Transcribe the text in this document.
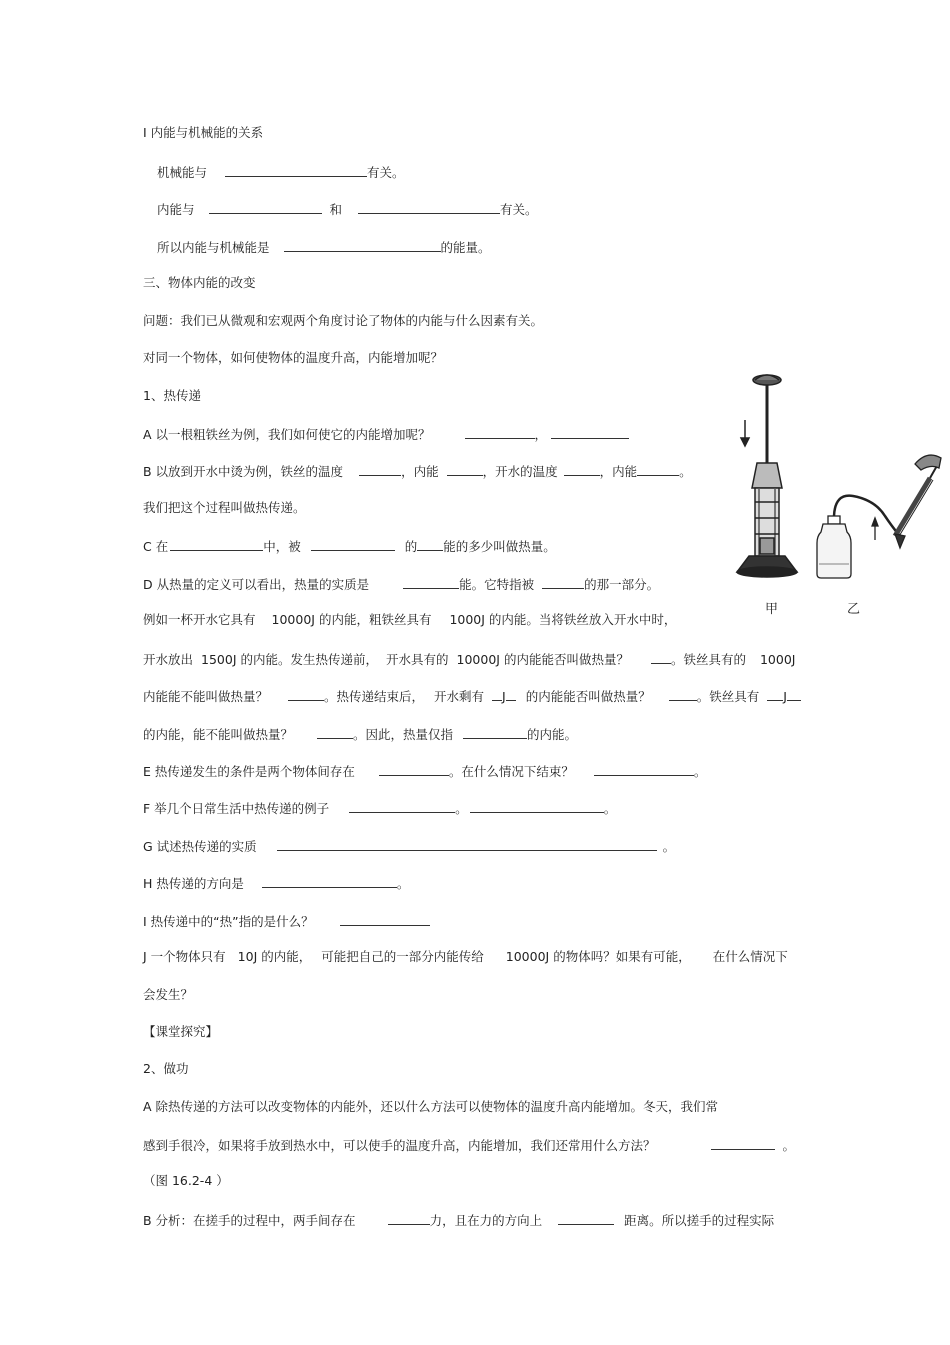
I 内能与机械能的关系
机械能与	有关。
内能与	和	有关。
所以内能与机械能是	的能量。
三、物体内能的改变
问题：我们已从微观和宏观两个角度讨论了物体的内能与什么因素有关。
对同一个物体，如何使物体的温度升高，内能增加呢？
1、热传递
A 以一根粗铁丝为例，我们如何使它的内能增加呢？	，
B 以放到开水中烫为例，铁丝的温度	，内能	，开水的温度	，内能	。
我们把这个过程叫做热传递。
C 在	中，被	的 能的多少叫做热量。
D 从热量的定义可以看出，热量的实质是	能。它特指被	的那一部分。
例如一杯开水它具有 10000J 的内能，粗铁丝具有 1000J 的内能。当将铁丝放入开水中时，
开水放出 1500J 的内能。发生热传递前， 开水具有的 10000J 的内能能否叫做热量？	。铁丝具有的 1000J
内能能不能叫做热量？	。热传递结束后， 开水剩有 J 的内能能否叫做热量？	。铁丝具有 J
的内能，能不能叫做热量？	。因此，热量仅指	的内能。
E 热传递发生的条件是两个物体间存在	。在什么情况下结束？	。
F 举几个日常生活中热传递的例子	。	。
G 试述热传递的实质	。
H 热传递的方向是	。
I 热传递中的“热”指的是什么？
J 一个物体只有 10J 的内能， 可能把自己的一部分内能传给 10000J 的物体吗？如果有可能， 在什么情况下
会发生？
【课堂探究】
2、做功
A 除热传递的方法可以改变物体的内能外，还以什么方法可以使物体的温度升高内能增加。冬天，我们常
感到手很冷，如果将手放到热水中，可以使手的温度升高，内能增加，我们还常用什么方法？	。
（图 16.2-4 ）
B 分析：在搓手的过程中，两手间存在	力，且在力的方向上	距离。所以搓手的过程实际
甲	乙
